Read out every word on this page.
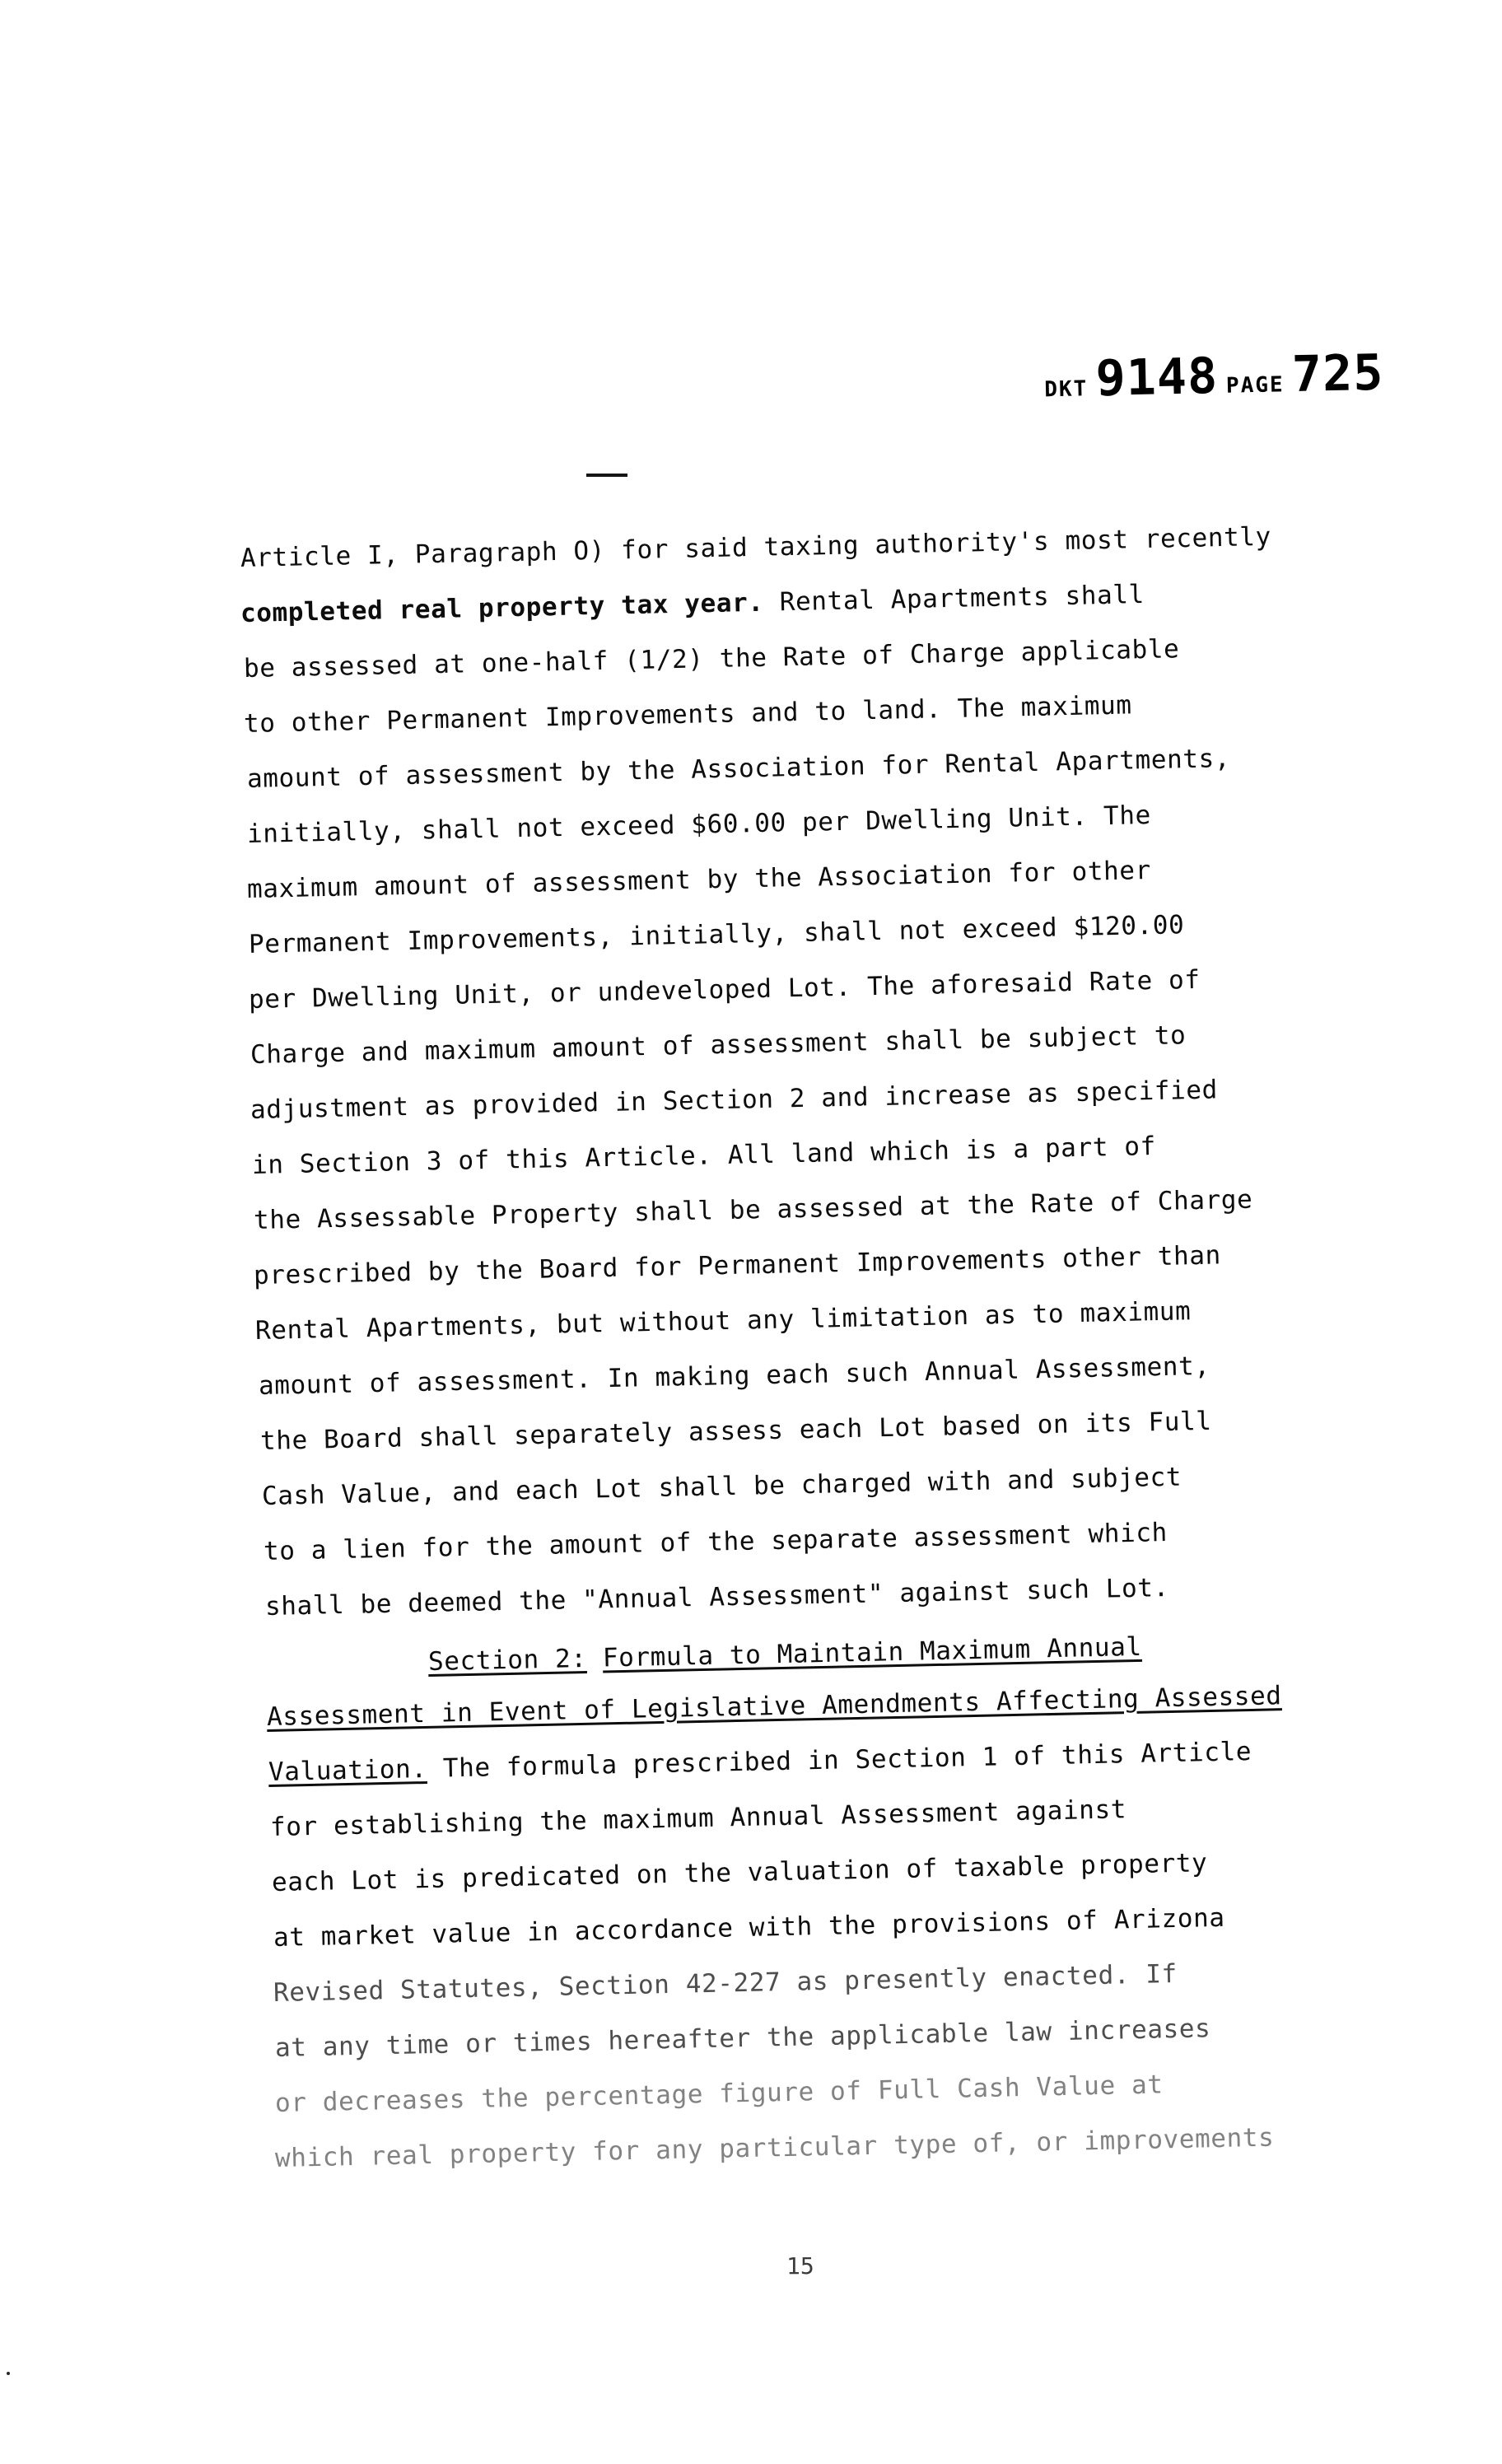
DKT 9148 PAGE 725
Article I, Paragraph O) for said taxing authority's most recently
completed real property tax year. Rental Apartments shall
be assessed at one-half (1/2) the Rate of Charge applicable
to other Permanent Improvements and to land. The maximum
amount of assessment by the Association for Rental Apartments,
initially, shall not exceed $60.00 per Dwelling Unit. The
maximum amount of assessment by the Association for other
Permanent Improvements, initially, shall not exceed $120.00
per Dwelling Unit, or undeveloped Lot. The aforesaid Rate of
Charge and maximum amount of assessment shall be subject to
adjustment as provided in Section 2 and increase as specified
in Section 3 of this Article. All land which is a part of
the Assessable Property shall be assessed at the Rate of Charge
prescribed by the Board for Permanent Improvements other than
Rental Apartments, but without any limitation as to maximum
amount of assessment. In making each such Annual Assessment,
the Board shall separately assess each Lot based on its Full
Cash Value, and each Lot shall be charged with and subject
to a lien for the amount of the separate assessment which
shall be deemed the "Annual Assessment" against such Lot.
Section 2: Formula to Maintain Maximum Annual
Assessment in Event of Legislative Amendments Affecting Assessed
Valuation. The formula prescribed in Section 1 of this Article
for establishing the maximum Annual Assessment against
each Lot is predicated on the valuation of taxable property
at market value in accordance with the provisions of Arizona
Revised Statutes, Section 42-227 as presently enacted. If
at any time or times hereafter the applicable law increases
or decreases the percentage figure of Full Cash Value at
which real property for any particular type of, or improvements
15
